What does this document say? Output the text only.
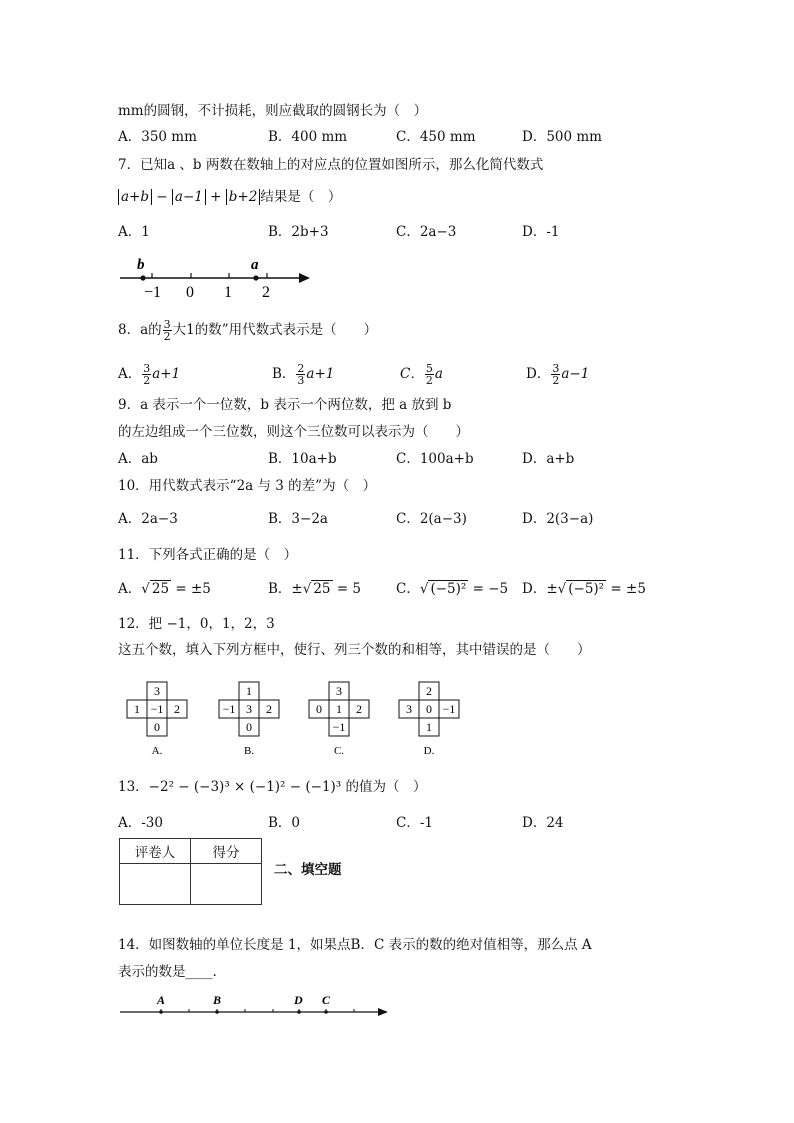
mm的圆钢，不计损耗，则应截取的圆钢长为（　）
A．350 mm	B．400 mm	C．450 mm	D．500 mm
7．已知a 、b 两数在数轴上的对应点的位置如图所示，那么化简代数式
a+b − a−1 + b+2 结果是（　）
A．1	B．2b+3	C．2a−3	D．-1
b	a
−1 0 1 2
8．a的 $\frac{3}{2}$ 大1的数”用代数式表示是（　　）
A． $\frac{3}{2} a+1$	B． $\frac{2}{3} a+1$	C． $\frac{5}{2}$ a	D． $\frac{3}{2} a-1$
9．a 表示一个一位数，b 表示一个两位数，把 a 放到 b
的左边组成一个三位数，则这个三位数可以表示为（　　）
A．ab	B．10a+b	C．100a+b	D．a+b
10．用代数式表示“2a 与 3 的差”为（　）
A．2a−3	B．3−2a	C．2(a−3)	D．2(3−a)
11．下列各式正确的是（　）
A．√ 25 = ±5	B．±√ 25 = 5	C．√ (−5)² = −5 D．±√ (−5)² = ±5
12．把 −1，0，1，2，3
这五个数，填入下列方框中，使行、列三个数的和相等，其中错误的是（　　）
3
1 −1 2
0
A.
1
−1 3 2
0
B.
3
0 1 2
−1
C.
2
3 0 −1
1
D.
13．−2² − (−3)³ × (−1)² − (−1)³ 的值为（　）
A．-30	B．0	C．-1	D．24
评卷人	得分

二、填空题
14．如图数轴的单位长度是 1，如果点B．C 表示的数的绝对值相等，那么点 A
表示的数是____.
A	B	D C
